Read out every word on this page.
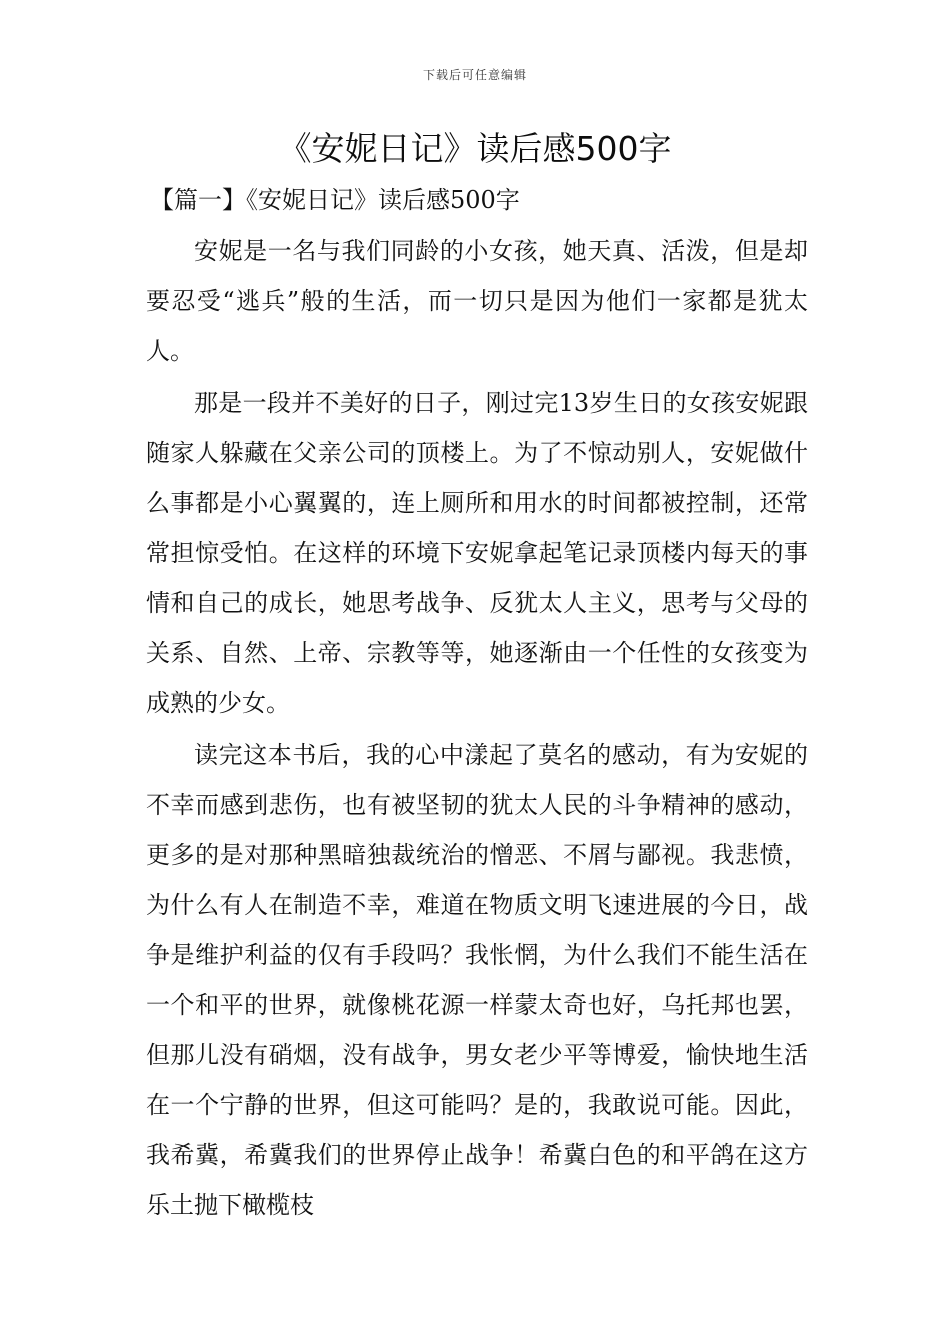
下载后可任意编辑
《安妮日记》读后感500字
【篇一】《安妮日记》读后感500字

安妮是一名与我们同龄的小女孩，她天真、活泼，但是却要忍受“逃兵”般的生活，而一切只是因为他们一家都是犹太人。

那是一段并不美好的日子，刚过完13岁生日的女孩安妮跟随家人躲藏在父亲公司的顶楼上。为了不惊动别人，安妮做什么事都是小心翼翼的，连上厕所和用水的时间都被控制，还常常担惊受怕。在这样的环境下安妮拿起笔记录顶楼内每天的事情和自己的成长，她思考战争、反犹太人主义，思考与父母的关系、自然、上帝、宗教等等，她逐渐由一个任性的女孩变为成熟的少女。

读完这本书后，我的心中漾起了莫名的感动，有为安妮的不幸而感到悲伤，也有被坚韧的犹太人民的斗争精神的感动，更多的是对那种黑暗独裁统治的憎恶、不屑与鄙视。我悲愤，为什么有人在制造不幸，难道在物质文明飞速进展的今日，战争是维护利益的仅有手段吗？我怅惘，为什么我们不能生活在一个和平的世界，就像桃花源一样蒙太奇也好，乌托邦也罢，但那儿没有硝烟，没有战争，男女老少平等博爱，愉快地生活在一个宁静的世界，但这可能吗？是的，我敢说可能。因此，我希冀，希冀我们的世界停止战争！希冀白色的和平鸽在这方乐土抛下橄榄枝
